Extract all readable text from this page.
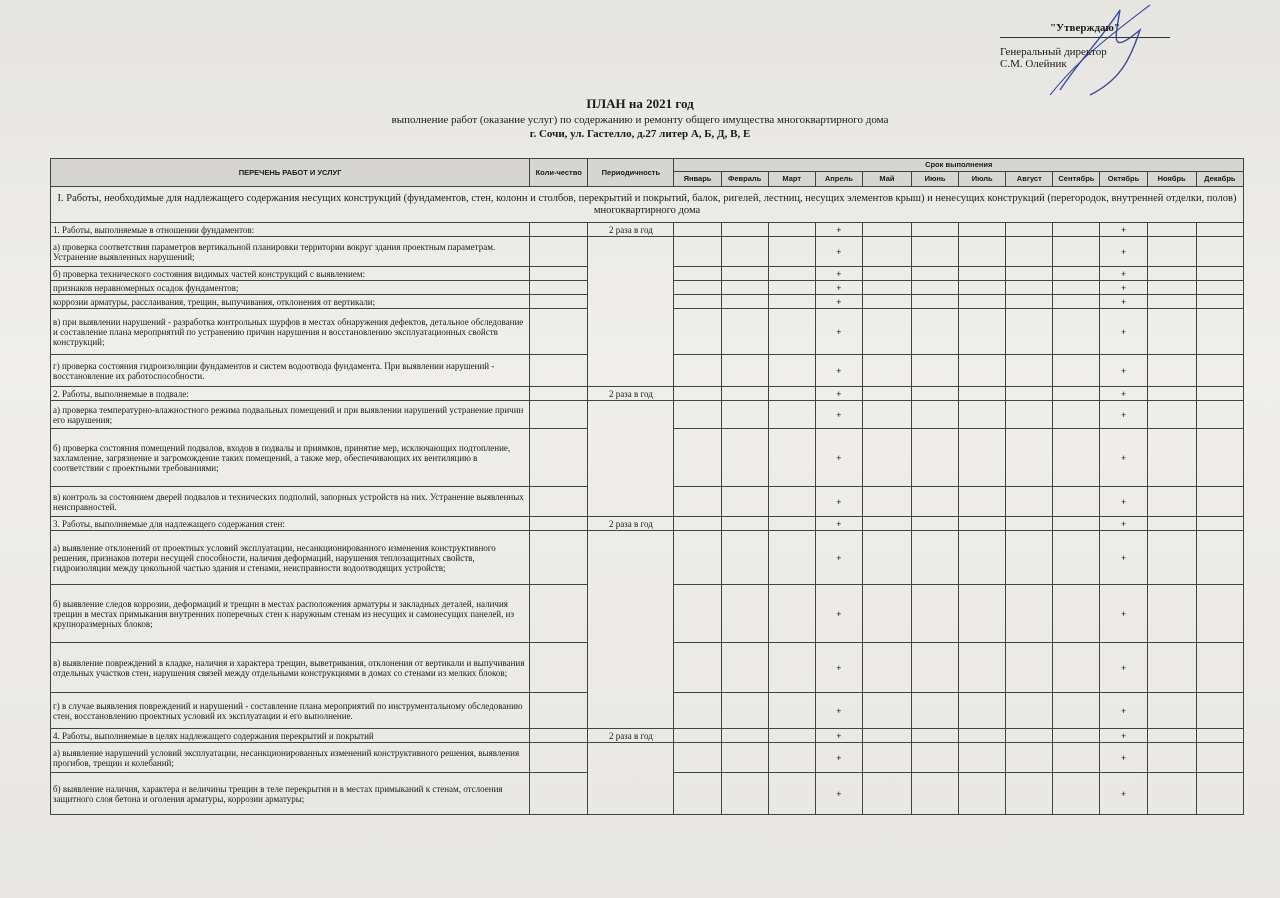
"Утверждаю"
Генеральный директор
С.М. Олейник
ПЛАН на 2021 год
выполнение работ (оказание услуг) по содержанию и ремонту общего имущества многоквартирного дома
г. Сочи, ул. Гастелло, д.27 литер А, Б, Д, В, Е
ПЕРЕЧЕНЬ РАБОТ И УСЛУГ	Коли-чество	Периодичность	Срок выполнения											
			Январь	Февраль	Март	Апрель	Май	Июнь	Июль	Август	Сентябрь	Октябрь	Ноябрь	Декабрь
I. Работы, необходимые для надлежащего содержания несущих конструкций (фундаментов, стен, колонн и столбов, перекрытий и покрытий, балок, ригелей, лестниц, несущих элементов крыш) и ненесущих конструкций (перегородок, внутренней отделки, полов) многоквартирного дома														
1. Работы, выполняемые в отношении фундаментов:		2 раза в год				+						+		
а) проверка соответствия параметров вертикальной планировки территории вокруг здания проектным параметрам. Устранение выявленных нарушений;						+						+		
б) проверка технического состояния видимых частей конструкций с выявлением:						+						+		
признаков неравномерных осадок фундаментов;						+						+		
коррозии арматуры, расслаивания, трещин, выпучивания, отклонения от вертикали;						+						+		
в) при выявлении нарушений - разработка контрольных шурфов в местах обнаружения дефектов, детальное обследование и составление плана мероприятий по устранению причин нарушения и восстановлению эксплуатационных свойств конструкций;						+						+		
г) проверка состояния гидроизоляции фундаментов и систем водоотвода фундамента. При выявлении нарушений - восстановление их работоспособности.						+						+		
2. Работы, выполняемые в подвале:		2 раза в год				+						+		
а) проверка температурно-влажностного режима подвальных помещений и при выявлении нарушений устранение причин его нарушения;						+						+		
б) проверка состояния помещений подвалов, входов в подвалы и приямков, принятие мер, исключающих подтопление, захламление, загрязнение и загромождение таких помещений, а также мер, обеспечивающих их вентиляцию в соответствии с проектными требованиями;						+						+		
в) контроль за состоянием дверей подвалов и технических подполий, запорных устройств на них. Устранение выявленных неисправностей.						+						+		
3. Работы, выполняемые для надлежащего содержания стен:		2 раза в год				+						+		
а) выявление отклонений от проектных условий эксплуатации, несанкционированного изменения конструктивного решения, признаков потери несущей способности, наличия деформаций, нарушения теплозащитных свойств, гидроизоляции между цокольной частью здания и стенами, неисправности водоотводящих устройств;						+						+		
б) выявление следов коррозии, деформаций и трещин в местах расположения арматуры и закладных деталей, наличия трещин в местах примыкания внутренних поперечных стен к наружным стенам из несущих и самонесущих панелей, из крупноразмерных блоков;						+						+		
в) выявление повреждений в кладке, наличия и характера трещин, выветривания, отклонения от вертикали и выпучивания отдельных участков стен, нарушения связей между отдельными конструкциями в домах со стенами из мелких блоков;						+						+		
г) в случае выявления повреждений и нарушений - составление плана мероприятий по инструментальному обследованию стен, восстановлению проектных условий их эксплуатации и его выполнение.						+						+		
4. Работы, выполняемые в целях надлежащего содержания перекрытий и покрытий		2 раза в год				+						+		
а) выявление нарушений условий эксплуатации, несанкционированных изменений конструктивного решения, выявления прогибов, трещин и колебаний;						+						+		
б) выявление наличия, характера и величины трещин в теле перекрытия и в местах примыканий к стенам, отслоения защитного слоя бетона и оголения арматуры, коррозии арматуры;						+						+		
